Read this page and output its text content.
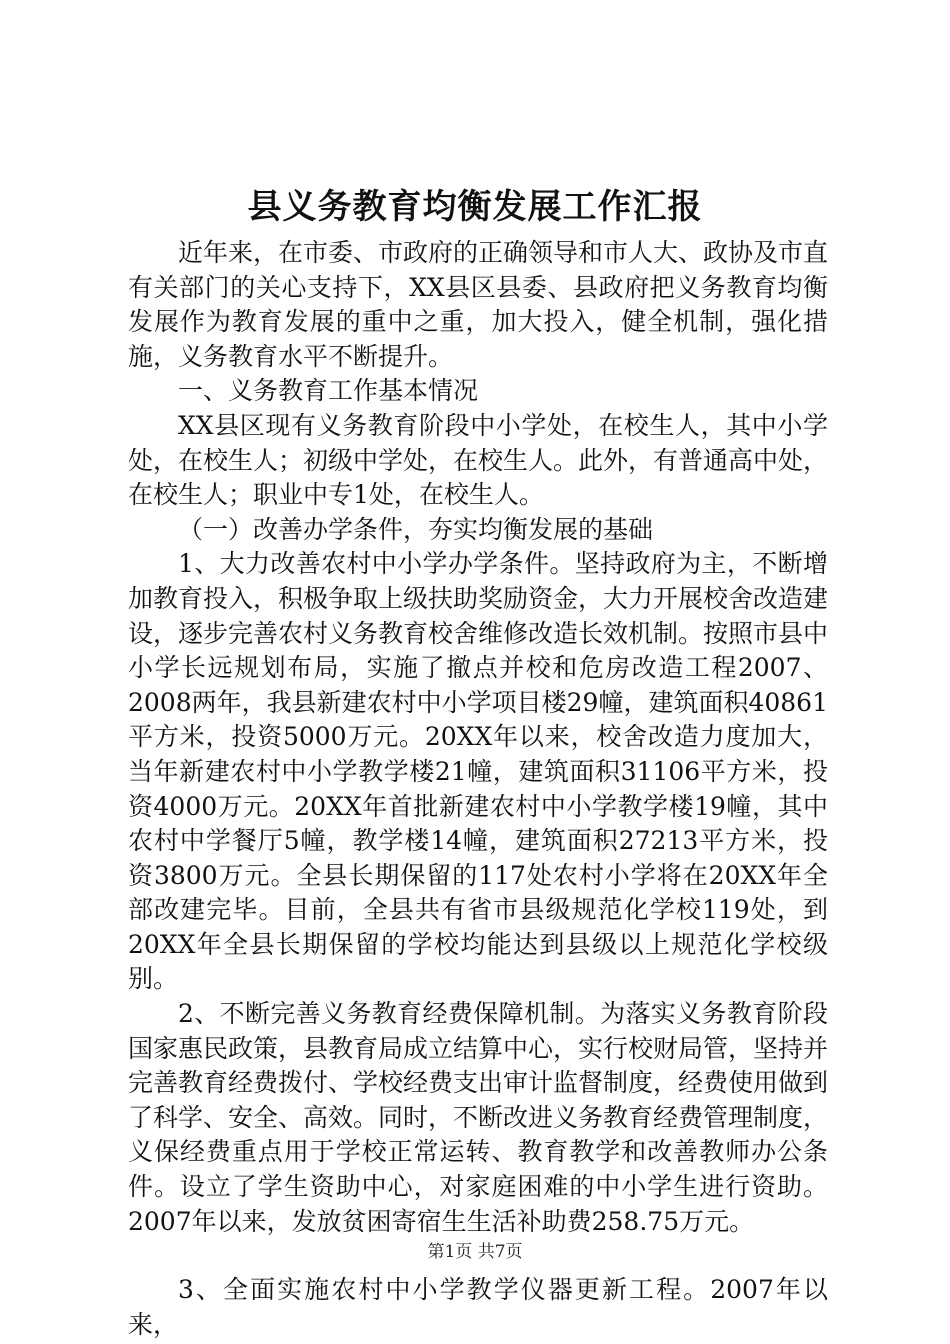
县义务教育均衡发展工作汇报

近年来，在市委、市政府的正确领导和市人大、政协及市直有关部门的关心支持下，XX县区县委、县政府把义务教育均衡发展作为教育发展的重中之重，加大投入，健全机制，强化措施，义务教育水平不断提升。

一、义务教育工作基本情况

XX县区现有义务教育阶段中小学处，在校生人，其中小学处，在校生人；初级中学处，在校生人。此外，有普通高中处，在校生人；职业中专1处，在校生人。

（一）改善办学条件，夯实均衡发展的基础

1、大力改善农村中小学办学条件。坚持政府为主，不断增加教育投入，积极争取上级扶助奖励资金，大力开展校舍改造建设，逐步完善农村义务教育校舍维修改造长效机制。按照市县中小学长远规划布局，实施了撤点并校和危房改造工程2007、2008两年，我县新建农村中小学项目楼29幢，建筑面积40861平方米，投资5000万元。20XX年以来，校舍改造力度加大，当年新建农村中小学教学楼21幢，建筑面积31106平方米，投资4000万元。20XX年首批新建农村中小学教学楼19幢，其中农村中学餐厅5幢，教学楼14幢，建筑面积27213平方米，投资3800万元。全县长期保留的117处农村小学将在20XX年全部改建完毕。目前，全县共有省市县级规范化学校119处，到20XX年全县长期保留的学校均能达到县级以上规范化学校级别。

2、不断完善义务教育经费保障机制。为落实义务教育阶段国家惠民政策，县教育局成立结算中心，实行校财局管，坚持并完善教育经费拨付、学校经费支出审计监督制度，经费使用做到了科学、安全、高效。同时，不断改进义务教育经费管理制度，义保经费重点用于学校正常运转、教育教学和改善教师办公条件。设立了学生资助中心，对家庭困难的中小学生进行资助。2007年以来，发放贫困寄宿生生活补助费258.75万元。

3、全面实施农村中小学教学仪器更新工程。2007年以来，

第1页 共7页
